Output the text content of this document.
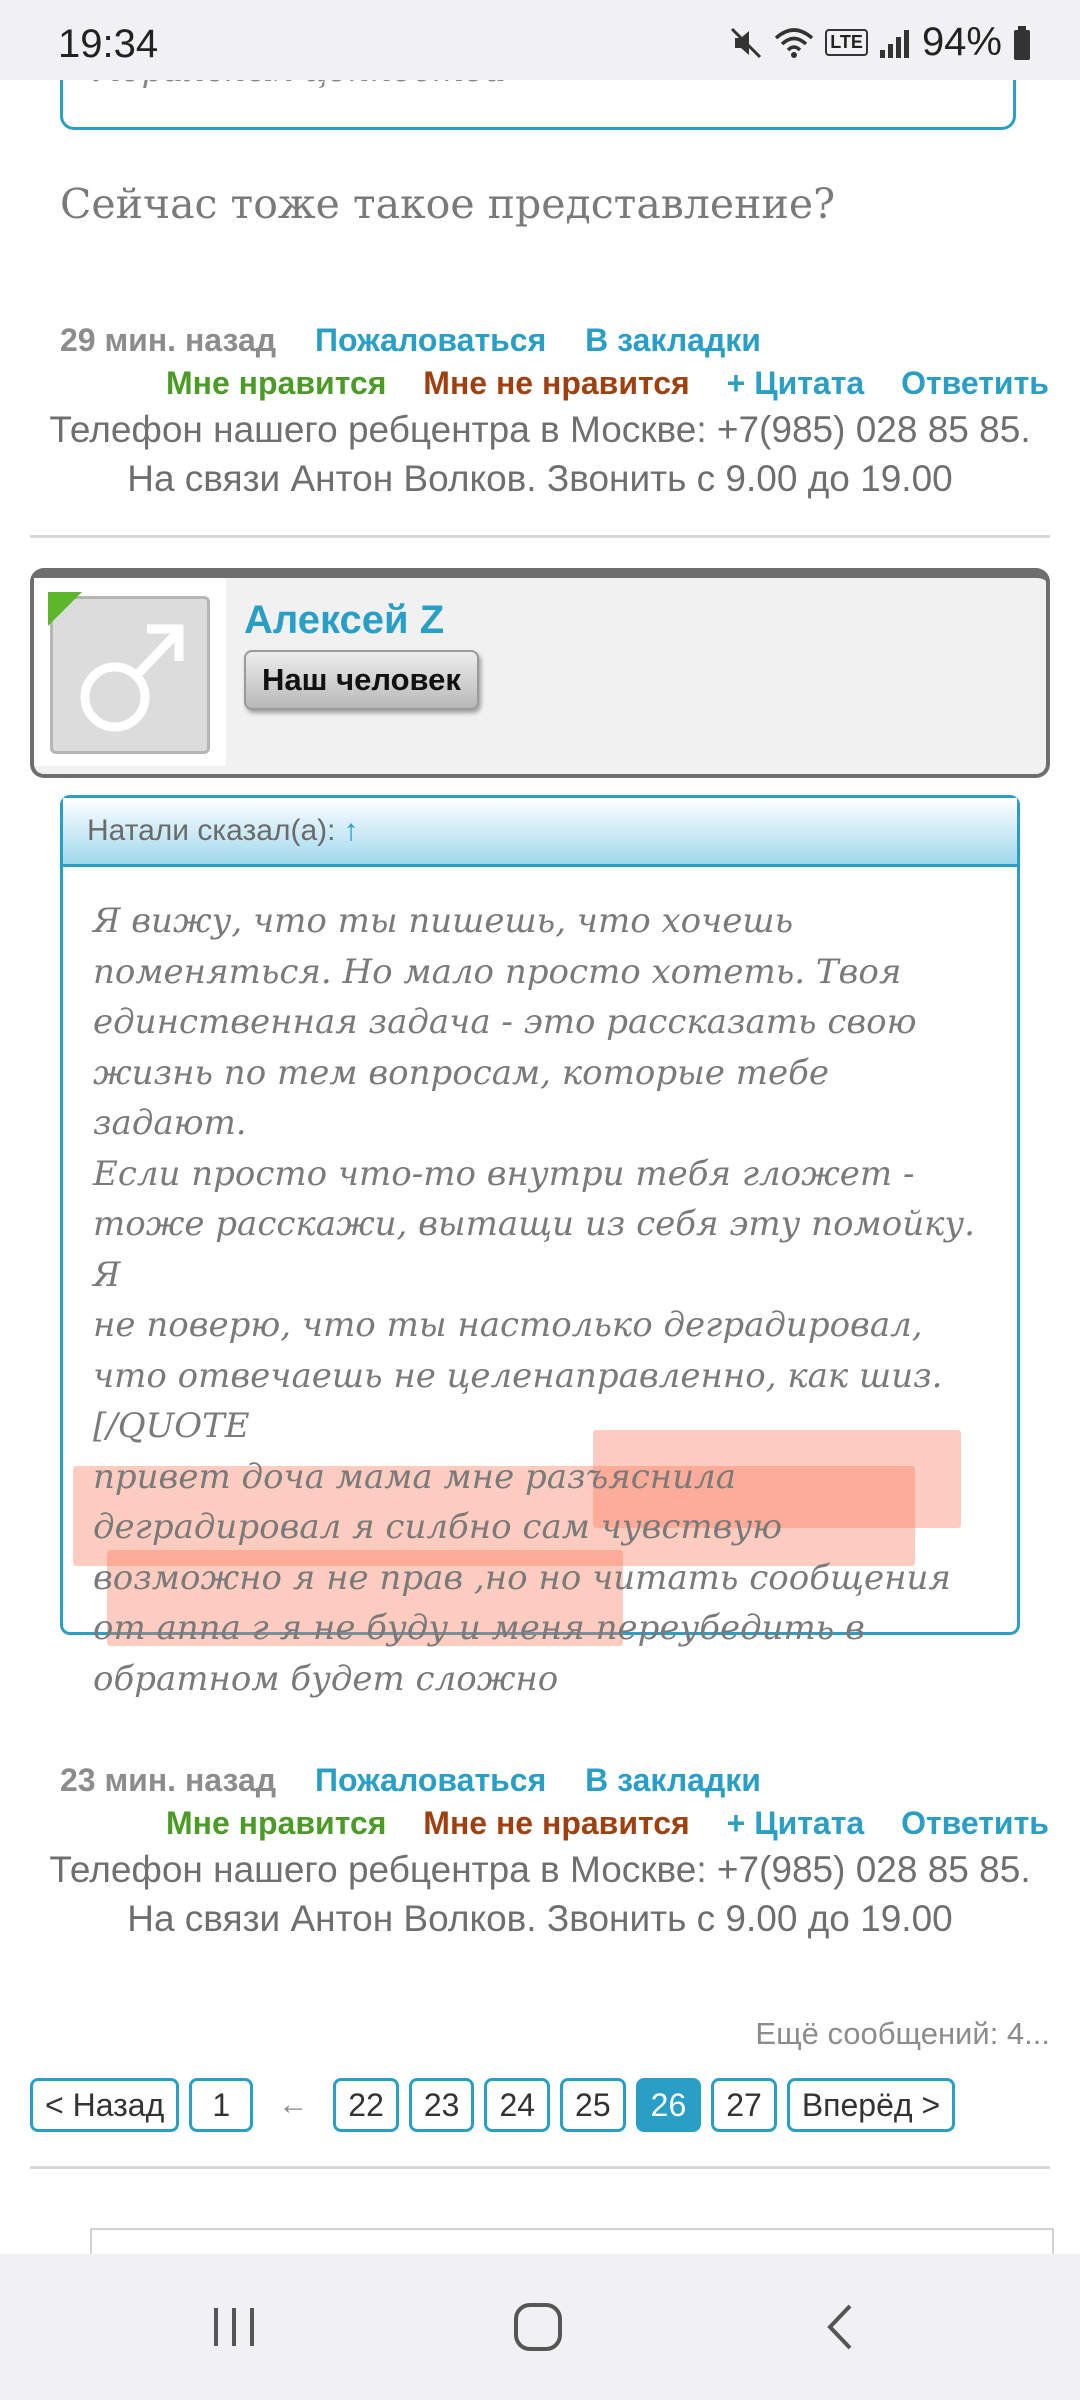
Сейчас тоже такое представление?
29 мин. назад Пожаловаться В закладки
Мне нравится Мне не нравится + Цитата Ответить
Телефон нашего ребцентра в Москве: +7(985) 028 85 85. На связи Антон Волков. Звонить с 9.00 до 19.00
Алексей Z
Наш человек
Натали сказал(а): ↑
Я вижу, что ты пишешь, что хочешь
поменяться. Но мало просто хотеть. Твоя
единственная задача - это рассказать свою
жизнь по тем вопросам, которые тебе задают.
Если просто что-то внутри тебя гложет -
тоже расскажи, вытащи из себя эту помойку. Я
не поверю, что ты настолько деградировал,
что отвечаешь не целенаправленно, как шиз.
[/QUOTE
привет доча мама мне разъяснила
деградировал я силбно сам чувствую
возможно я не прав ,но но читать сообщения
от аппа г я не буду и меня переубедить в
обратном будет сложно
23 мин. назад Пожаловаться В закладки
Мне нравится Мне не нравится + Цитата Ответить
Телефон нашего ребцентра в Москве: +7(985) 028 85 85. На связи Антон Волков. Звонить с 9.00 до 19.00
Ещё сообщений: 4...
< Назад	1	←	22	23	24	25	26	27	Вперёд >
19:34	LTE 94%
